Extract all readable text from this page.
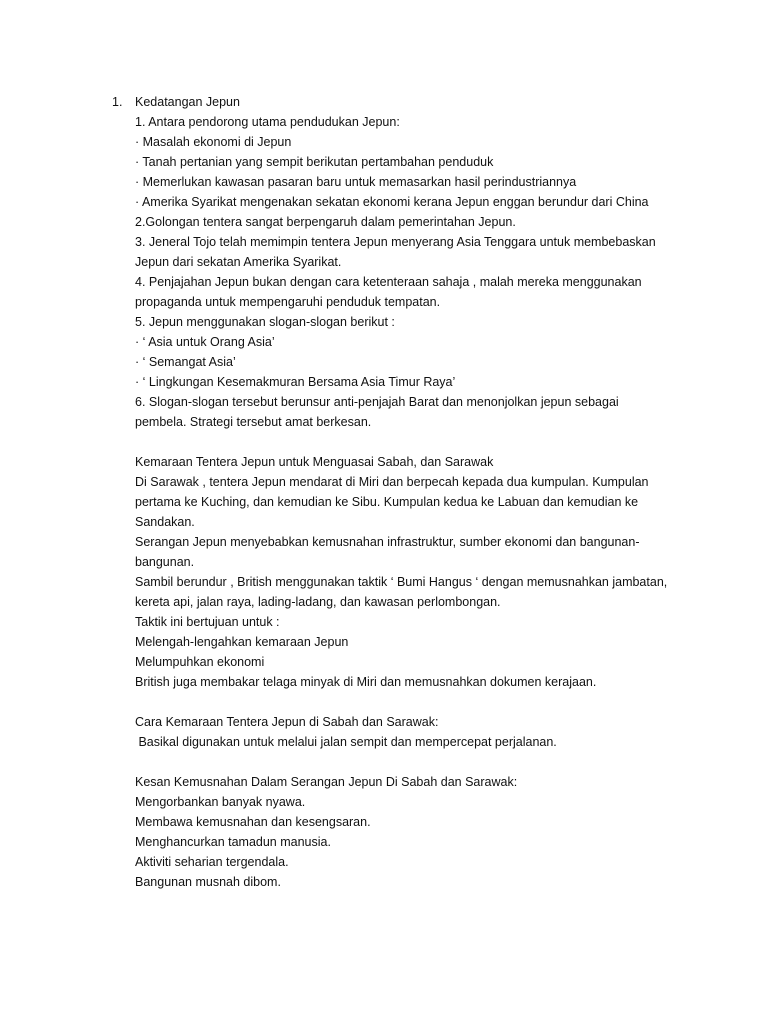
1. Kedatangan Jepun
1. Antara pendorong utama pendudukan Jepun:
· Masalah ekonomi di Jepun
· Tanah pertanian yang sempit berikutan pertambahan penduduk
· Memerlukan kawasan pasaran baru untuk memasarkan hasil perindustriannya
· Amerika Syarikat mengenakan sekatan ekonomi kerana Jepun enggan berundur dari China
2.Golongan tentera sangat berpengaruh dalam pemerintahan Jepun.
3. Jeneral Tojo telah memimpin tentera Jepun menyerang Asia Tenggara untuk membebaskan
Jepun dari sekatan Amerika Syarikat.
4. Penjajahan Jepun bukan dengan cara ketenteraan sahaja , malah mereka menggunakan
propaganda untuk mempengaruhi penduduk tempatan.
5. Jepun menggunakan slogan-slogan berikut :
· ‘ Asia untuk Orang Asia’
· ‘ Semangat Asia’
· ‘ Lingkungan Kesemakmuran Bersama Asia Timur Raya’
6. Slogan-slogan tersebut berunsur anti-penjajah Barat dan menonjolkan jepun sebagai
pembela. Strategi tersebut amat berkesan.
Kemaraan Tentera Jepun untuk Menguasai Sabah, dan Sarawak
Di Sarawak , tentera Jepun mendarat di Miri dan berpecah kepada dua kumpulan. Kumpulan
pertama ke Kuching, dan kemudian ke Sibu. Kumpulan kedua ke Labuan dan kemudian ke
Sandakan.
Serangan Jepun menyebabkan kemusnahan infrastruktur, sumber ekonomi dan bangunan-
bangunan.
Sambil berundur , British menggunakan taktik ‘ Bumi Hangus ‘ dengan memusnahkan jambatan,
kereta api, jalan raya, lading-ladang, dan kawasan perlombongan.
Taktik ini bertujuan untuk :
Melengah-lengahkan kemaraan Jepun
Melumpuhkan ekonomi
British juga membakar telaga minyak di Miri dan memusnahkan dokumen kerajaan.
Cara Kemaraan Tentera Jepun di Sabah dan Sarawak:
Basikal digunakan untuk melalui jalan sempit dan mempercepat perjalanan.
Kesan Kemusnahan Dalam Serangan Jepun Di Sabah dan Sarawak:
Mengorbankan banyak nyawa.
Membawa kemusnahan dan kesengsaran.
Menghancurkan tamadun manusia.
Aktiviti seharian tergendala.
Bangunan musnah dibom.
